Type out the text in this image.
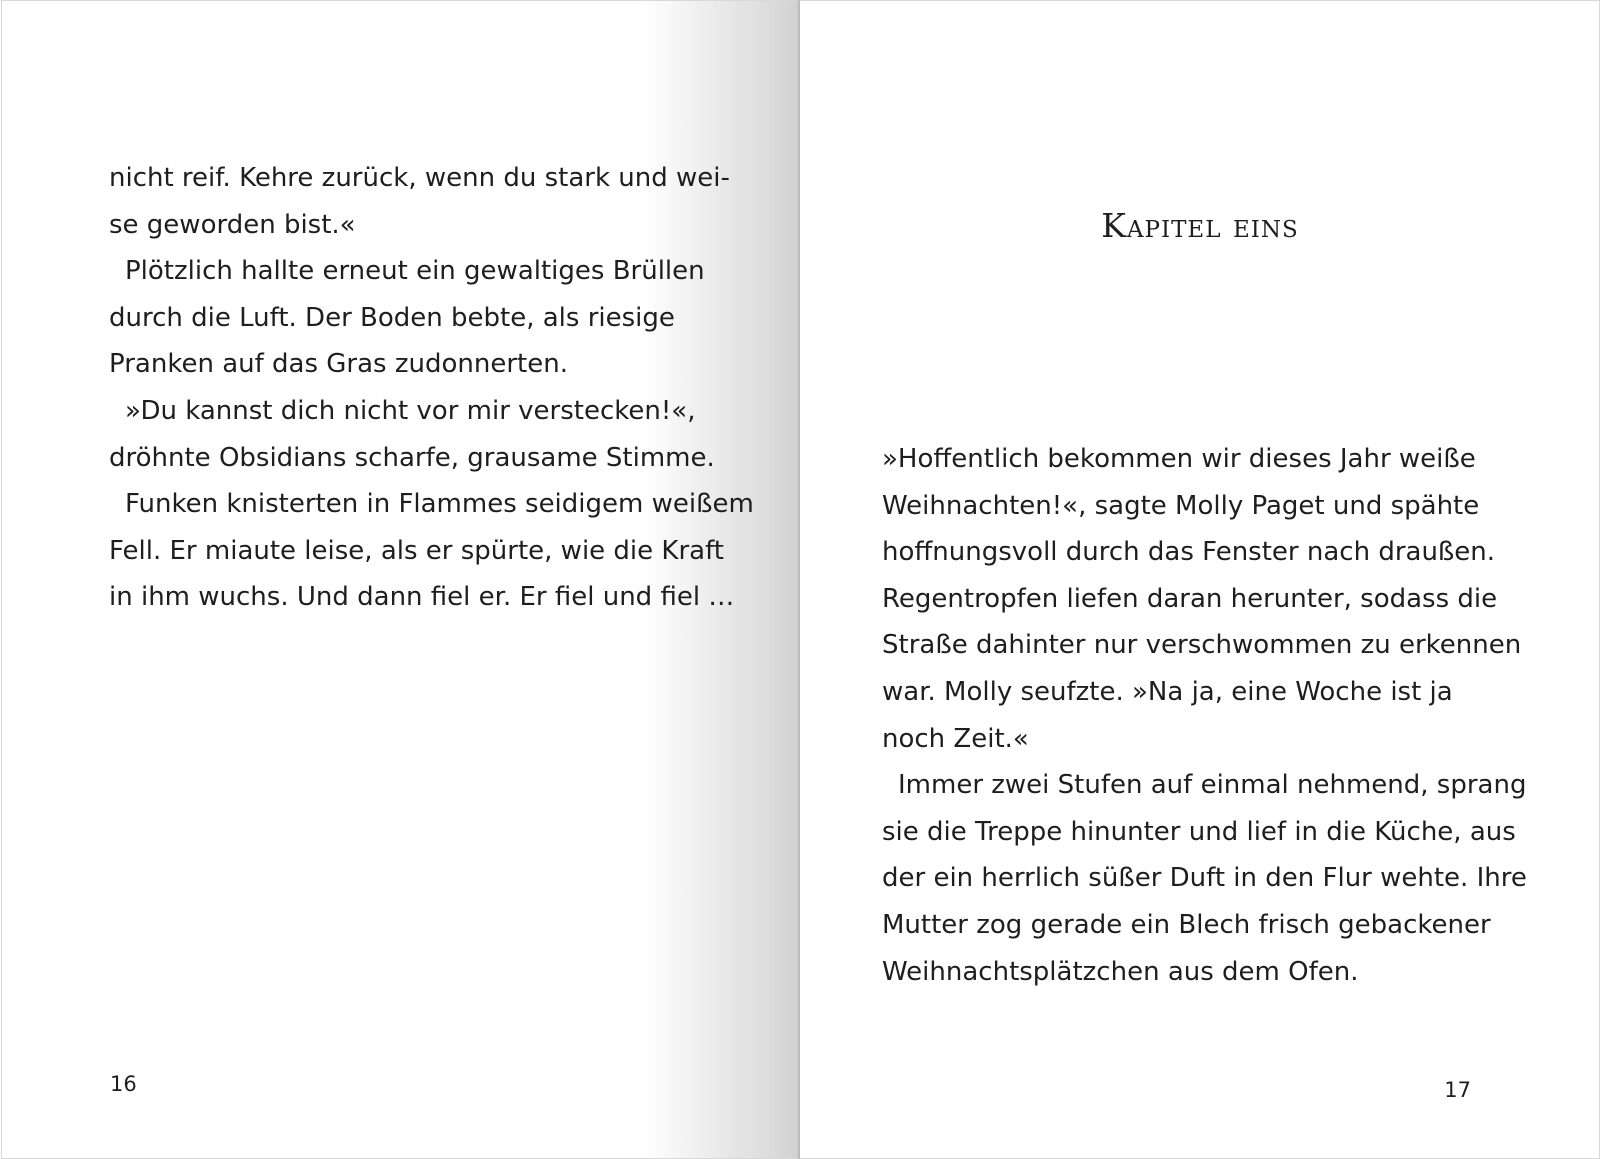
nicht reif. Kehre zurück, wenn du stark und wei-
se geworden bist.«
Plötzlich hallte erneut ein gewaltiges Brüllen
durch die Luft. Der Boden bebte, als riesige
Pranken auf das Gras zudonnerten.
»Du kannst dich nicht vor mir verstecken!«,
dröhnte Obsidians scharfe, grausame Stimme.
Funken knisterten in Flammes seidigem weißem
Fell. Er miaute leise, als er spürte, wie die Kraft
in ihm wuchs. Und dann fiel er. Er fiel und fiel …
16
Kapitel eins
»Hoffentlich bekommen wir dieses Jahr weiße
Weihnachten!«, sagte Molly Paget und spähte
hoffnungsvoll durch das Fenster nach draußen.
Regentropfen liefen daran herunter, sodass die
Straße dahinter nur verschwommen zu erkennen
war. Molly seufzte. »Na ja, eine Woche ist ja
noch Zeit.«
Immer zwei Stufen auf einmal nehmend, sprang
sie die Treppe hinunter und lief in die Küche, aus
der ein herrlich süßer Duft in den Flur wehte. Ihre
Mutter zog gerade ein Blech frisch gebackener
Weihnachtsplätzchen aus dem Ofen.
17
